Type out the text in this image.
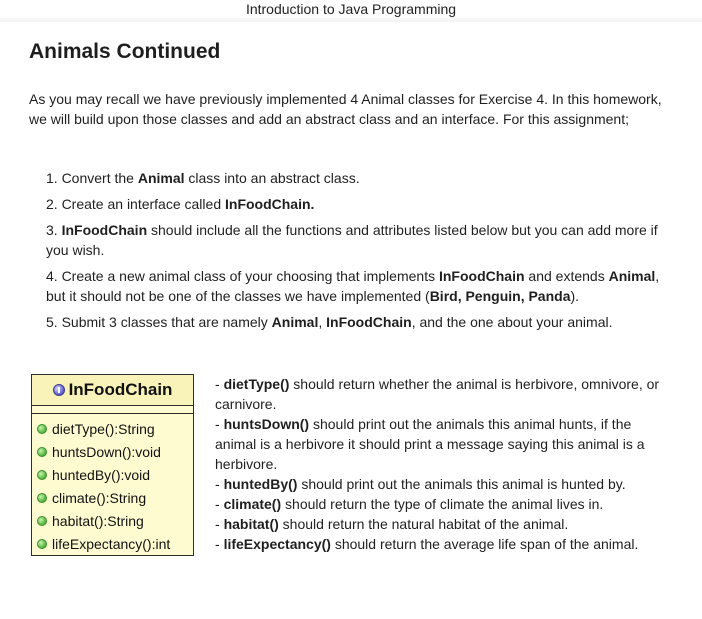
Introduction to Java Programming
Animals Continued

As you may recall we have previously implemented 4 Animal classes for Exercise 4. In this homework, we will build upon those classes and add an abstract class and an interface. For this assignment;

1. Convert the Animal class into an abstract class.
2. Create an interface called InFoodChain.
3. InFoodChain should include all the functions and attributes listed below but you can add more if you wish.
4. Create a new animal class of your choosing that implements InFoodChain and extends Animal, but it should not be one of the classes we have implemented (Bird, Penguin, Panda).
5. Submit 3 classes that are namely Animal, InFoodChain, and the one about your animal.
InFoodChain
dietType():String
huntsDown():void
huntedBy():void
climate():String
habitat():String
lifeExpectancy():int

- dietType() should return whether the animal is herbivore, omnivore, or carnivore.

- huntsDown() should print out the animals this animal hunts, if the animal is a herbivore it should print a message saying this animal is a herbivore.

- huntedBy() should print out the animals this animal is hunted by.

- climate() should return the type of climate the animal lives in.

- habitat() should return the natural habitat of the animal.

- lifeExpectancy() should return the average life span of the animal.
